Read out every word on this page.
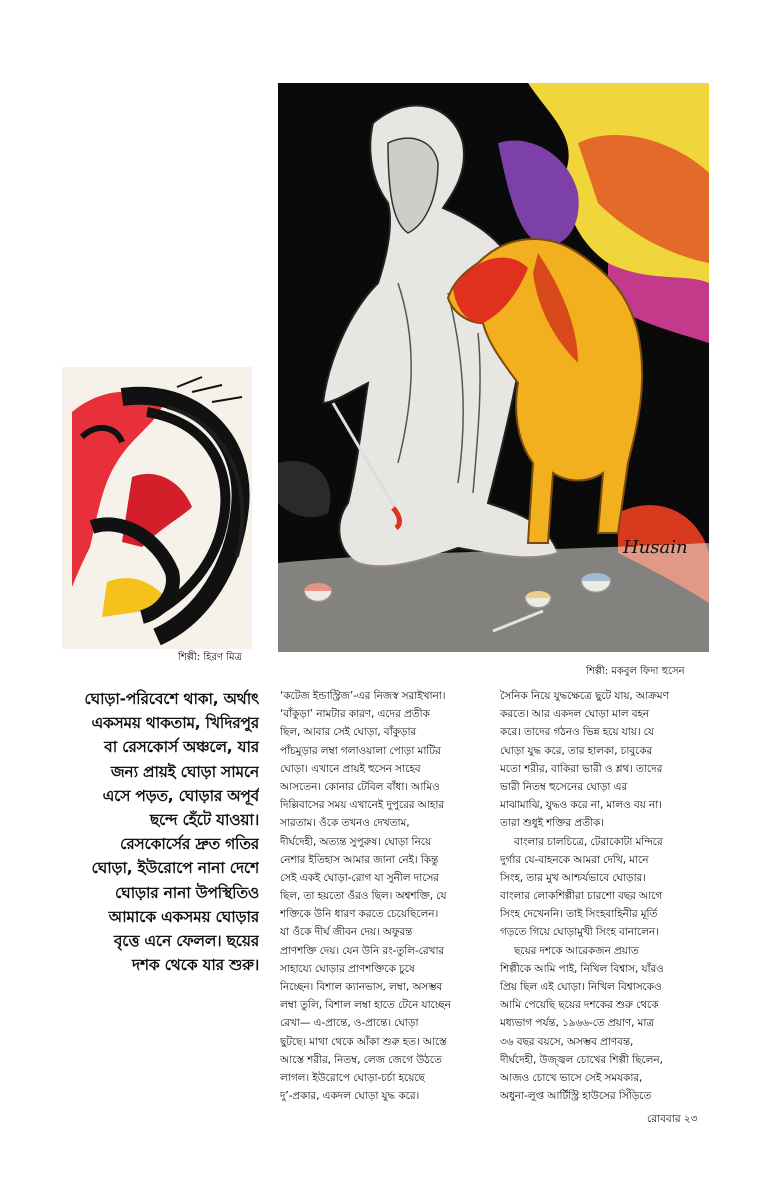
শিল্পী: হিরণ মিত্র
Husain
শিল্পী: মকবুল ফিদা হুসেন
ঘোড়া-পরিবেশে থাকা, অর্থাৎ
একসময় থাকতাম, খিদিরপুর
বা রেসকোর্স অঞ্চলে, যার
জন্য প্রায়ই ঘোড়া সামনে
এসে পড়ত, ঘোড়ার অপূর্ব
ছন্দে হেঁটে যাওয়া।
রেসকোর্সের দ্রুত গতির
ঘোড়া, ইউরোপে নানা দেশে
ঘোড়ার নানা উপস্থিতিও
আমাকে একসময় ঘোড়ার
বৃত্তে এনে ফেলল। ছয়ের
দশক থেকে যার শুরু।
‘কটেজ ইন্ডাস্ট্রিজ’-এর নিজস্ব সরাইখানা।
‘বাঁকুড়া’ নামটার কারণ, এদের প্রতীক
ছিল, আবার সেই ঘোড়া, বাঁকুড়ার
পাঁচমুড়ার লম্বা গলাওয়ালা পোড়া মাটির
ঘোড়া। এখানে প্রায়ই হুসেন সাহেব
আসতেন। কোনার টেবিল বাঁধা। আমিও
দিল্লিবাসের সময় এখানেই দুপুরের আহার
সারতাম। ওঁকে তখনও দেখতাম,
দীর্ঘদেহী, অত্যন্ত সুপুরুষ। ঘোড়া নিয়ে
নেশার ইতিহাস আমার জানা নেই। কিন্তু
সেই একই ঘোড়া-রোগ যা সুনীল দাসের
ছিল, তা হয়তো ওঁরও ছিল। অশ্বশক্তি, যে
শক্তিকে উনি ধারণ করতে চেয়েছিলেন।
যা ওঁকে দীর্ঘ জীবন দেয়। অফুরন্ত
প্রাণশক্তি দেয়। যেন উনি রং-তুলি-রেখার
সাহায্যে ঘোড়ার প্রাণশক্তিকে চুষে
নিচ্ছেন। বিশাল ক্যানভাস, লম্বা, অসম্ভব
লম্বা তুলি, বিশাল লম্বা হাতে টেনে যাচ্ছেন
রেখা— এ-প্রান্তে, ও-প্রান্তে। ঘোড়া
ছুটছে। মাথা থেকে আঁকা শুরু হত। আস্তে
আস্তে শরীর, নিতম্ব, লেজ জেগে উঠতে
লাগল। ইউরোপে ঘোড়া-চর্চা হয়েছে
দু’-প্রকার, একদল ঘোড়া যুদ্ধ করে।
সৈনিক নিয়ে যুদ্ধক্ষেত্রে ছুটে যায়, আক্রমণ
করতে। আর একদল ঘোড়া মাল বহন
করে। তাদের গঠনও ভিন্ন হয়ে যায়। যে
ঘোড়া যুদ্ধ করে, তার হালকা, চাবুকের
মতো শরীর, বাকিরা ভারী ও শ্লথ। তাদের
ভারী নিতম্ব হুসেনের ঘোড়া এর
মাঝামাঝি, যুদ্ধও করে না, মালও বয় না।
তারা শুধুই শক্তির প্রতীক।
বাংলার চালচিত্রে, টেরাকোটা মন্দিরে
দুর্গার যে-বাহনকে আমরা দেখি, মানে
সিংহ, তার মুখ আশ্চর্যভাবে ঘোড়ার।
বাংলার লোকশিল্পীরা চারশো বছর আগে
সিংহ দেখেননি। তাই সিংহবাহিনীর মূর্তি
গড়তে গিয়ে ঘোড়ামুখী সিংহ বানালেন।
ছয়ের দশকে আরেকজন প্রয়াত
শিল্পীকে আমি পাই, নিখিল বিশ্বাস, যাঁরও
প্রিয় ছিল এই ঘোড়া। নিখিল বিশ্বাসকেও
আমি পেয়েছি ছয়ের দশকের শুরু থেকে
মধ্যভাগ পর্যন্ত, ১৯৬৬-তে প্রয়াণ, মাত্র
৩৬ বছর বয়সে, অসম্ভব প্রাণবন্ত,
দীর্ঘদেহী, উজ্জ্বল চোখের শিল্পী ছিলেন,
আজও চোখে ভাসে সেই সমযকার,
অধুনা-লুপ্ত আর্টিস্ট্রি হাউসের সিঁড়িতে
রোববার ২৩
